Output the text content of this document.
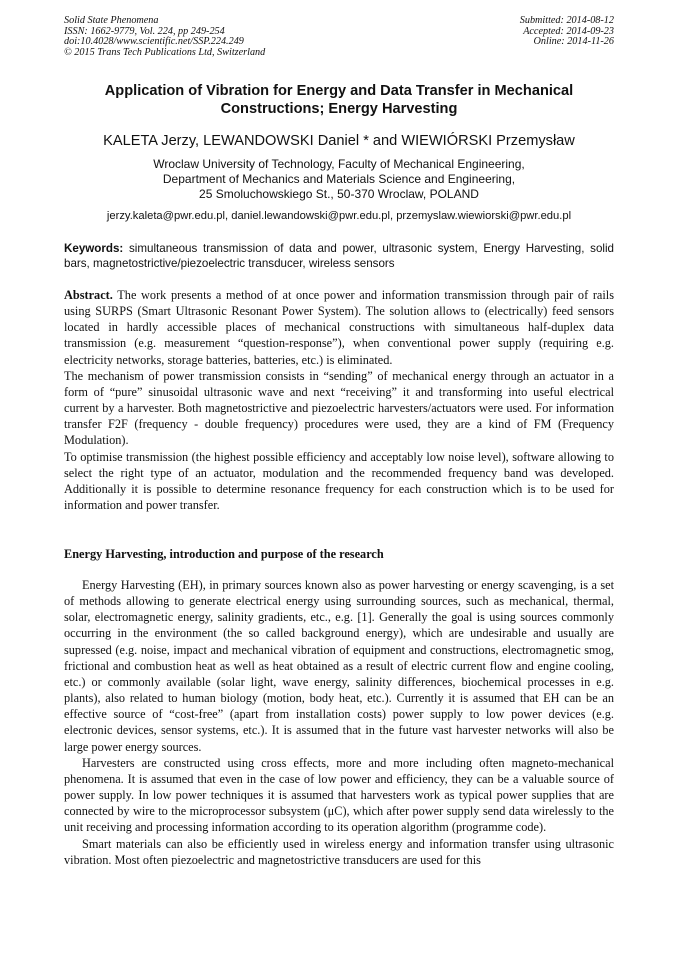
Solid State Phenomena
ISSN: 1662-9779, Vol. 224, pp 249-254
doi:10.4028/www.scientific.net/SSP.224.249
© 2015 Trans Tech Publications Ltd, Switzerland
Submitted: 2014-08-12
Accepted: 2014-09-23
Online: 2014-11-26
Application of Vibration for Energy and Data Transfer in Mechanical
Constructions; Energy Harvesting
KALETA Jerzy, LEWANDOWSKI Daniel * and WIEWIÓRSKI Przemysław
Wroclaw University of Technology, Faculty of Mechanical Engineering,
Department of Mechanics and Materials Science and Engineering,
25 Smoluchowskiego St., 50-370 Wroclaw, POLAND
jerzy.kaleta@pwr.edu.pl, daniel.lewandowski@pwr.edu.pl, przemyslaw.wiewiorski@pwr.edu.pl
Keywords: simultaneous transmission of data and power, ultrasonic system, Energy Harvesting, solid bars, magnetostrictive/piezoelectric transducer, wireless sensors

Abstract. The work presents a method of at once power and information transmission through pair of rails using SURPS (Smart Ultrasonic Resonant Power System). The solution allows to (electrically) feed sensors located in hardly accessible places of mechanical constructions with simultaneous half-duplex data transmission (e.g. measurement “question-response”), when conventional power supply (requiring e.g. electricity networks, storage batteries, batteries, etc.) is eliminated.

The mechanism of power transmission consists in “sending” of mechanical energy through an actuator in a form of “pure” sinusoidal ultrasonic wave and next “receiving” it and transforming into useful electrical current by a harvester. Both magnetostrictive and piezoelectric harvesters/actuators were used. For information transfer F2F (frequency - double frequency) procedures were used, they are a kind of FM (Frequency Modulation).

To optimise transmission (the highest possible efficiency and acceptably low noise level), software allowing to select the right type of an actuator, modulation and the recommended frequency band was developed. Additionally it is possible to determine resonance frequency for each construction which is to be used for information and power transfer.

Energy Harvesting, introduction and purpose of the research

Energy Harvesting (EH), in primary sources known also as power harvesting or energy scavenging, is a set of methods allowing to generate electrical energy using surrounding sources, such as mechanical, thermal, solar, electromagnetic energy, salinity gradients, etc., e.g. [1]. Generally the goal is using sources commonly occurring in the environment (the so called background energy), which are undesirable and usually are supressed (e.g. noise, impact and mechanical vibration of equipment and constructions, electromagnetic smog, frictional and combustion heat as well as heat obtained as a result of electric current flow and engine cooling, etc.) or commonly available (solar light, wave energy, salinity differences, biochemical processes in e.g. plants), also related to human biology (motion, body heat, etc.). Currently it is assumed that EH can be an effective source of “cost-free” (apart from installation costs) power supply to low power devices (e.g. electronic devices, sensor systems, etc.). It is assumed that in the future vast harvester networks will also be large power energy sources.

Harvesters are constructed using cross effects, more and more including often magneto-mechanical phenomena. It is assumed that even in the case of low power and efficiency, they can be a valuable source of power supply. In low power techniques it is assumed that harvesters work as typical power supplies that are connected by wire to the microprocessor subsystem (μC), which after power supply send data wirelessly to the unit receiving and processing information according to its operation algorithm (programme code).

Smart materials can also be efficiently used in wireless energy and information transfer using ultrasonic vibration. Most often piezoelectric and magnetostrictive transducers are used for this
